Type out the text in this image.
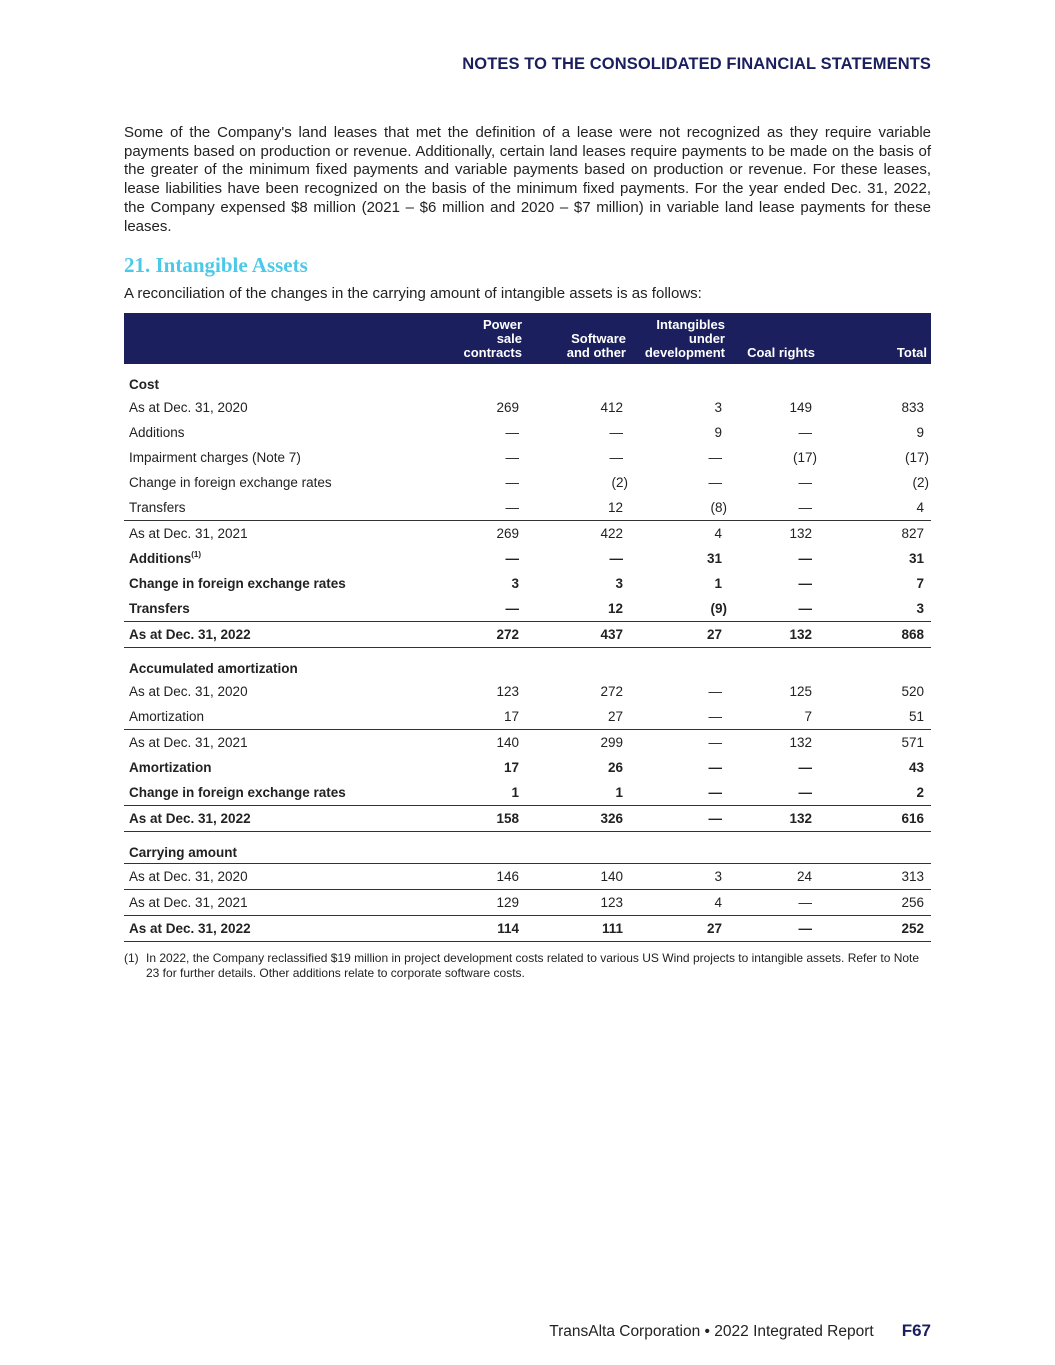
NOTES TO THE CONSOLIDATED FINANCIAL STATEMENTS

Some of the Company's land leases that met the definition of a lease were not recognized as they require variable payments based on production or revenue. Additionally, certain land leases require payments to be made on the basis of the greater of the minimum fixed payments and variable payments based on production or revenue. For these leases, lease liabilities have been recognized on the basis of the minimum fixed payments. For the year ended Dec. 31, 2022, the Company expensed $8 million (2021 – $6 million and 2020 – $7 million) in variable land lease payments for these leases.

21. Intangible Assets
A reconciliation of the changes in the carrying amount of intangible assets is as follows:
	Power
sale
contracts	Software
and other	Intangibles
under
development	Coal rights	Total
Cost					
As at Dec. 31, 2020	269	412	3	149	833
Additions	—	—	9	—	9
Impairment charges (Note 7)	—	—	—	(17)	(17)
Change in foreign exchange rates	—	(2)	—	—	(2)
Transfers	—	12	(8)	—	4
As at Dec. 31, 2021	269	422	4	132	827
Additions$^{(1)}$	—	—	31	—	31
Change in foreign exchange rates	3	3	1	—	7
Transfers	—	12	(9)	—	3
As at Dec. 31, 2022	272	437	27	132	868
Accumulated amortization					
As at Dec. 31, 2020	123	272	—	125	520
Amortization	17	27	—	7	51
As at Dec. 31, 2021	140	299	—	132	571
Amortization	17	26	—	—	43
Change in foreign exchange rates	1	1	—	—	2
As at Dec. 31, 2022	158	326	—	132	616
Carrying amount					
As at Dec. 31, 2020	146	140	3	24	313
As at Dec. 31, 2021	129	123	4	—	256
As at Dec. 31, 2022	114	111	27	—	252
(1) In 2022, the Company reclassified $19 million in project development costs related to various US Wind projects to intangible assets. Refer to Note 23 for further details. Other additions relate to corporate software costs.
TransAlta Corporation • 2022 Integrated Report F67
